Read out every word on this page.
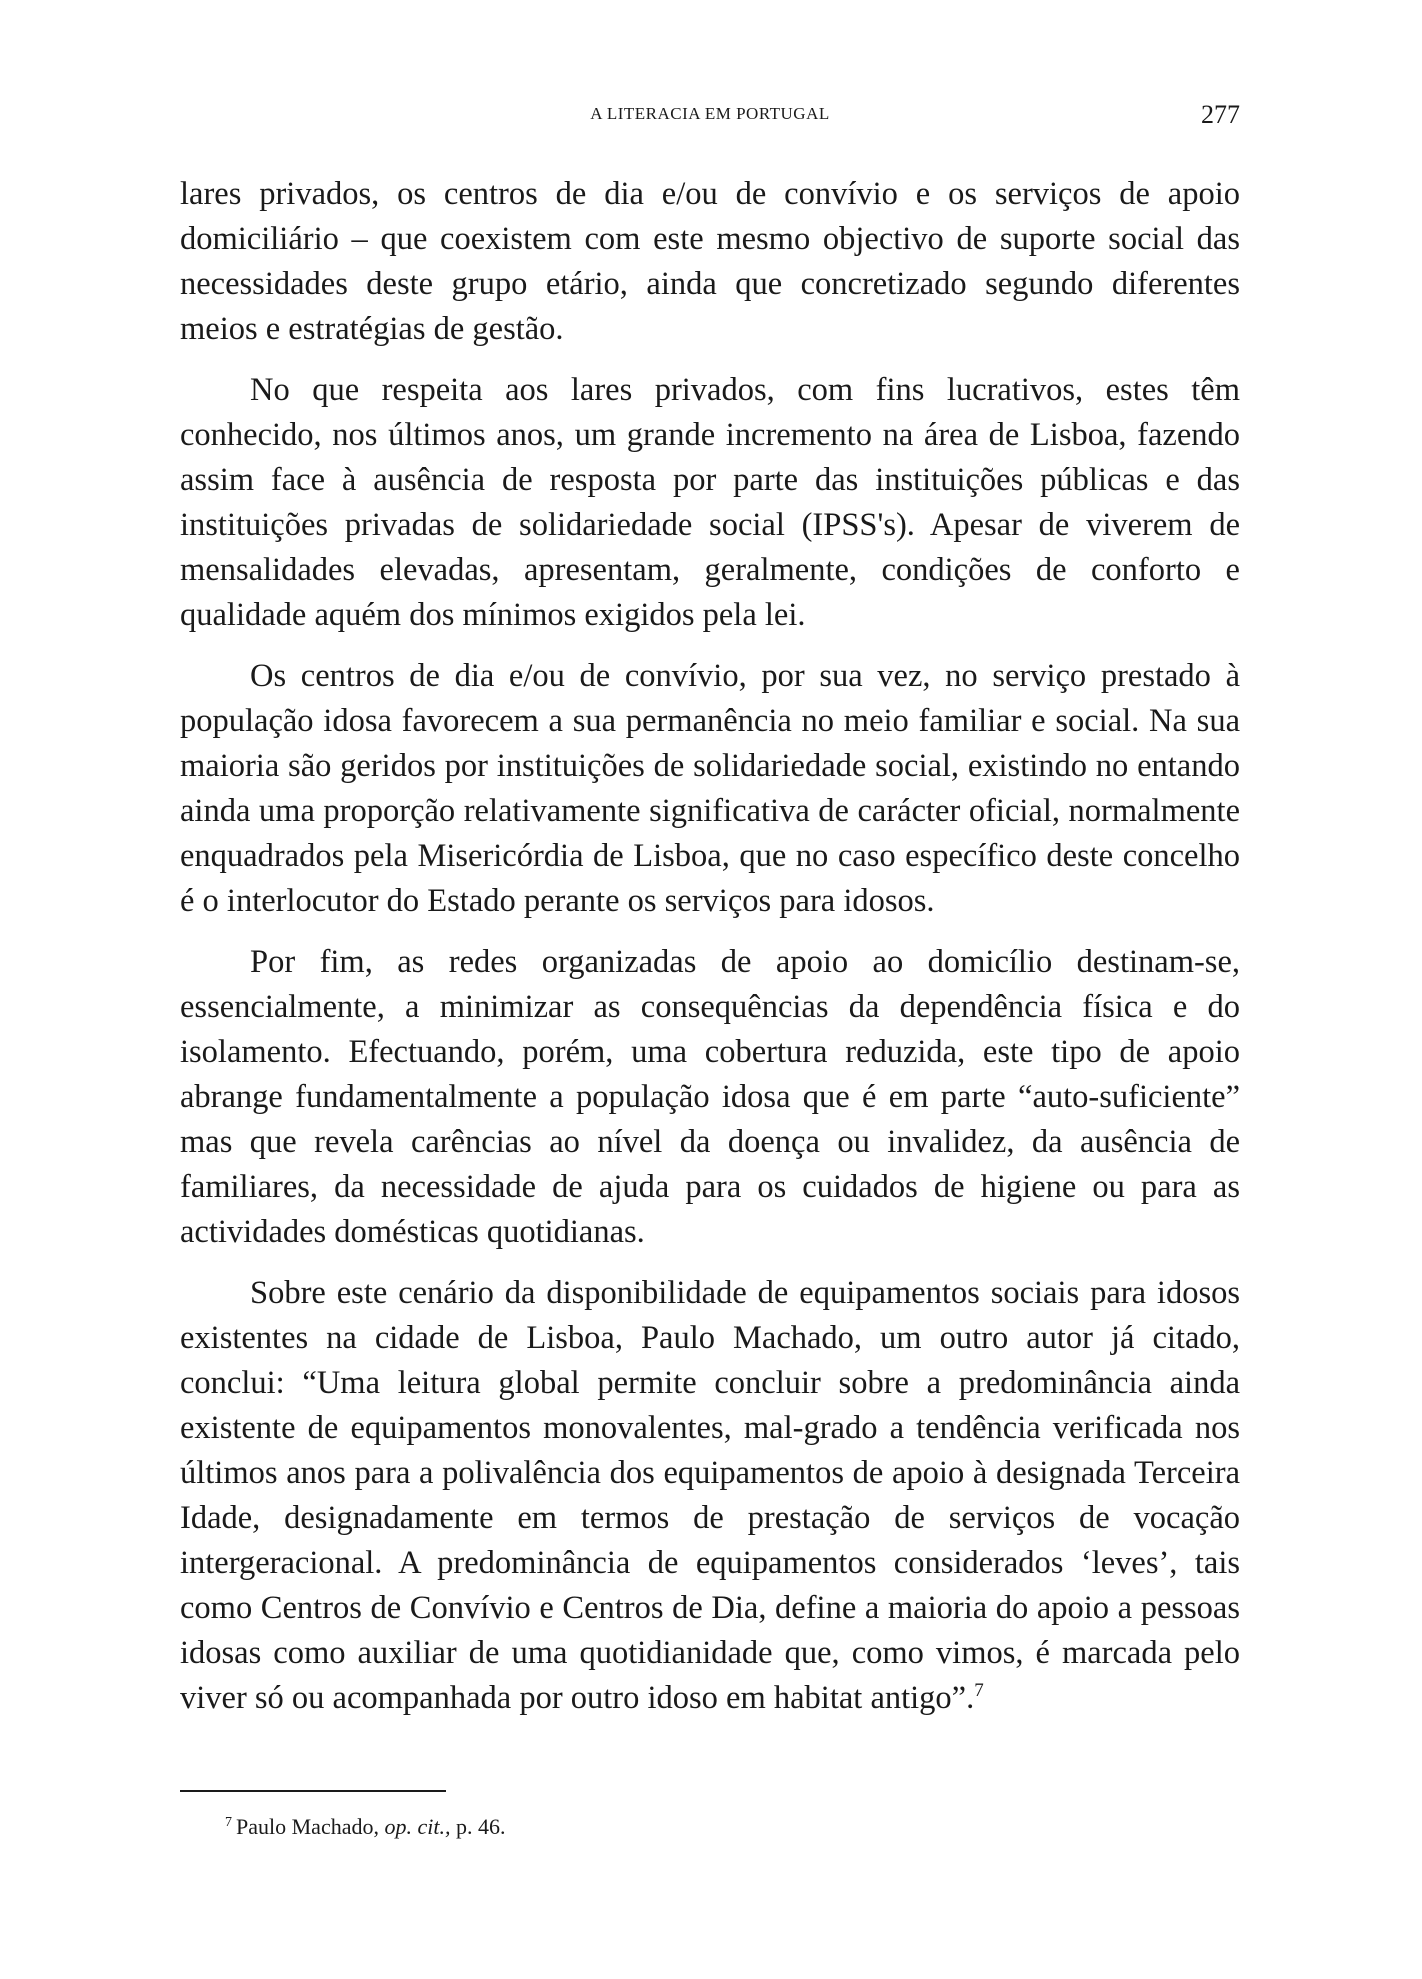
A LITERACIA EM PORTUGAL	277

lares privados, os centros de dia e/ou de convívio e os serviços de apoio domiciliário – que coexistem com este mesmo objectivo de suporte social das necessidades deste grupo etário, ainda que concretizado segundo diferentes meios e estratégias de gestão.

No que respeita aos lares privados, com fins lucrativos, estes têm conhecido, nos últimos anos, um grande incremento na área de Lisboa, fazendo assim face à ausência de resposta por parte das instituições públicas e das instituições privadas de solidariedade social (IPSS's). Apesar de viverem de mensalidades elevadas, apresentam, geralmente, condições de conforto e qualidade aquém dos mínimos exigidos pela lei.

Os centros de dia e/ou de convívio, por sua vez, no serviço prestado à população idosa favorecem a sua permanência no meio familiar e social. Na sua maioria são geridos por instituições de solidariedade social, existindo no entando ainda uma proporção relativamente significativa de carácter oficial, normalmente enquadrados pela Misericórdia de Lisboa, que no caso específico deste concelho é o interlocutor do Estado perante os serviços para idosos.

Por fim, as redes organizadas de apoio ao domicílio destinam-se, essencialmente, a minimizar as consequências da dependência física e do isolamento. Efectuando, porém, uma cobertura reduzida, este tipo de apoio abrange fundamentalmente a população idosa que é em parte “auto-suficiente” mas que revela carências ao nível da doença ou invalidez, da ausência de familiares, da necessidade de ajuda para os cuidados de higiene ou para as actividades domésticas quotidianas.

Sobre este cenário da disponibilidade de equipamentos sociais para idosos existentes na cidade de Lisboa, Paulo Machado, um outro autor já citado, conclui: “Uma leitura global permite concluir sobre a predominância ainda existente de equipamentos monovalentes, mal-grado a tendência verificada nos últimos anos para a polivalência dos equipamentos de apoio à designada Terceira Idade, designadamente em termos de prestação de serviços de vocação intergeracional. A predominância de equipamentos considerados ‘leves’, tais como Centros de Convívio e Centros de Dia, define a maioria do apoio a pessoas idosas como auxiliar de uma quotidianidade que, como vimos, é marcada pelo viver só ou acompanhada por outro idoso em habitat antigo”.$^7$

$^7$ Paulo Machado, op. cit., p. 46.
